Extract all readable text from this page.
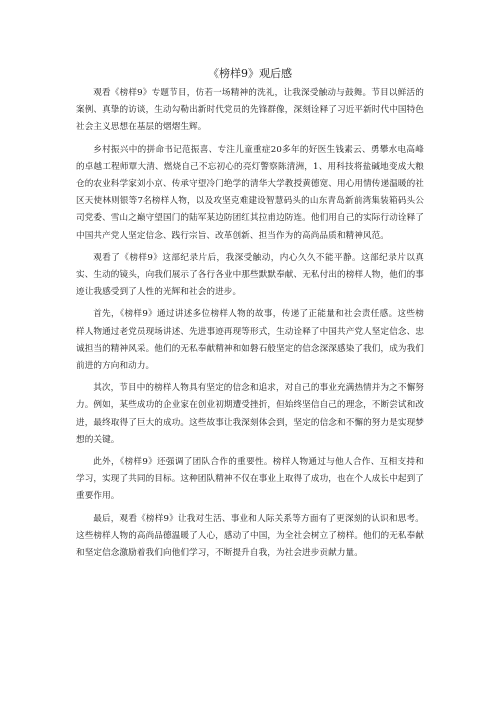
《榜样9》观后感

观看《榜样9》专题节目，仿若一场精神的洗礼，让我深受触动与鼓舞。节目以鲜活的案例、真挚的访谈，生动勾勒出新时代党员的先锋群像，深刻诠释了习近平新时代中国特色社会主义思想在基层的熠熠生辉。

乡村振兴中的拼命书记范振喜、专注儿童重症20多年的好医生钱素云、勇攀水电高峰的卓越工程师覃大清、燃烧自己不忘初心的亮灯警察陈清洲，1、用科技将盐碱地变成大粮仓的农业科学家刘小京、传承守望冷门绝学的清华大学教授黄德宽、用心用情传递温暖的社区天使林则银等7名榜样人物，以及攻坚克难建设智慧码头的山东青岛新前湾集装箱码头公司党委、雪山之巅守望国门的陆军某边防团红其拉甫边防连。他们用自己的实际行动诠释了中国共产党人坚定信念、践行宗旨、改革创新、担当作为的高尚品质和精神风范。

观看了《榜样9》这部纪录片后，我深受触动，内心久久不能平静。这部纪录片以真实、生动的镜头，向我们展示了各行各业中那些默默奉献、无私付出的榜样人物，他们的事迹让我感受到了人性的光辉和社会的进步。

首先，《榜样9》通过讲述多位榜样人物的故事，传递了正能量和社会责任感。这些榜样人物通过老党员现场讲述、先进事迹再现等形式，生动诠释了中国共产党人坚定信念、忠诚担当的精神风采。他们的无私奉献精神和如磐石般坚定的信念深深感染了我们，成为我们前进的方向和动力。

其次，节目中的榜样人物具有坚定的信念和追求，对自己的事业充满热情并为之不懈努力。例如，某些成功的企业家在创业初期遭受挫折，但始终坚信自己的理念，不断尝试和改进，最终取得了巨大的成功。这些故事让我深刻体会到，坚定的信念和不懈的努力是实现梦想的关键。

此外，《榜样9》还强调了团队合作的重要性。榜样人物通过与他人合作、互相支持和学习，实现了共同的目标。这种团队精神不仅在事业上取得了成功，也在个人成长中起到了重要作用。

最后，观看《榜样9》让我对生活、事业和人际关系等方面有了更深刻的认识和思考。这些榜样人物的高尚品德温暖了人心，感动了中国，为全社会树立了榜样。他们的无私奉献和坚定信念激励着我们向他们学习，不断提升自我，为社会进步贡献力量。
